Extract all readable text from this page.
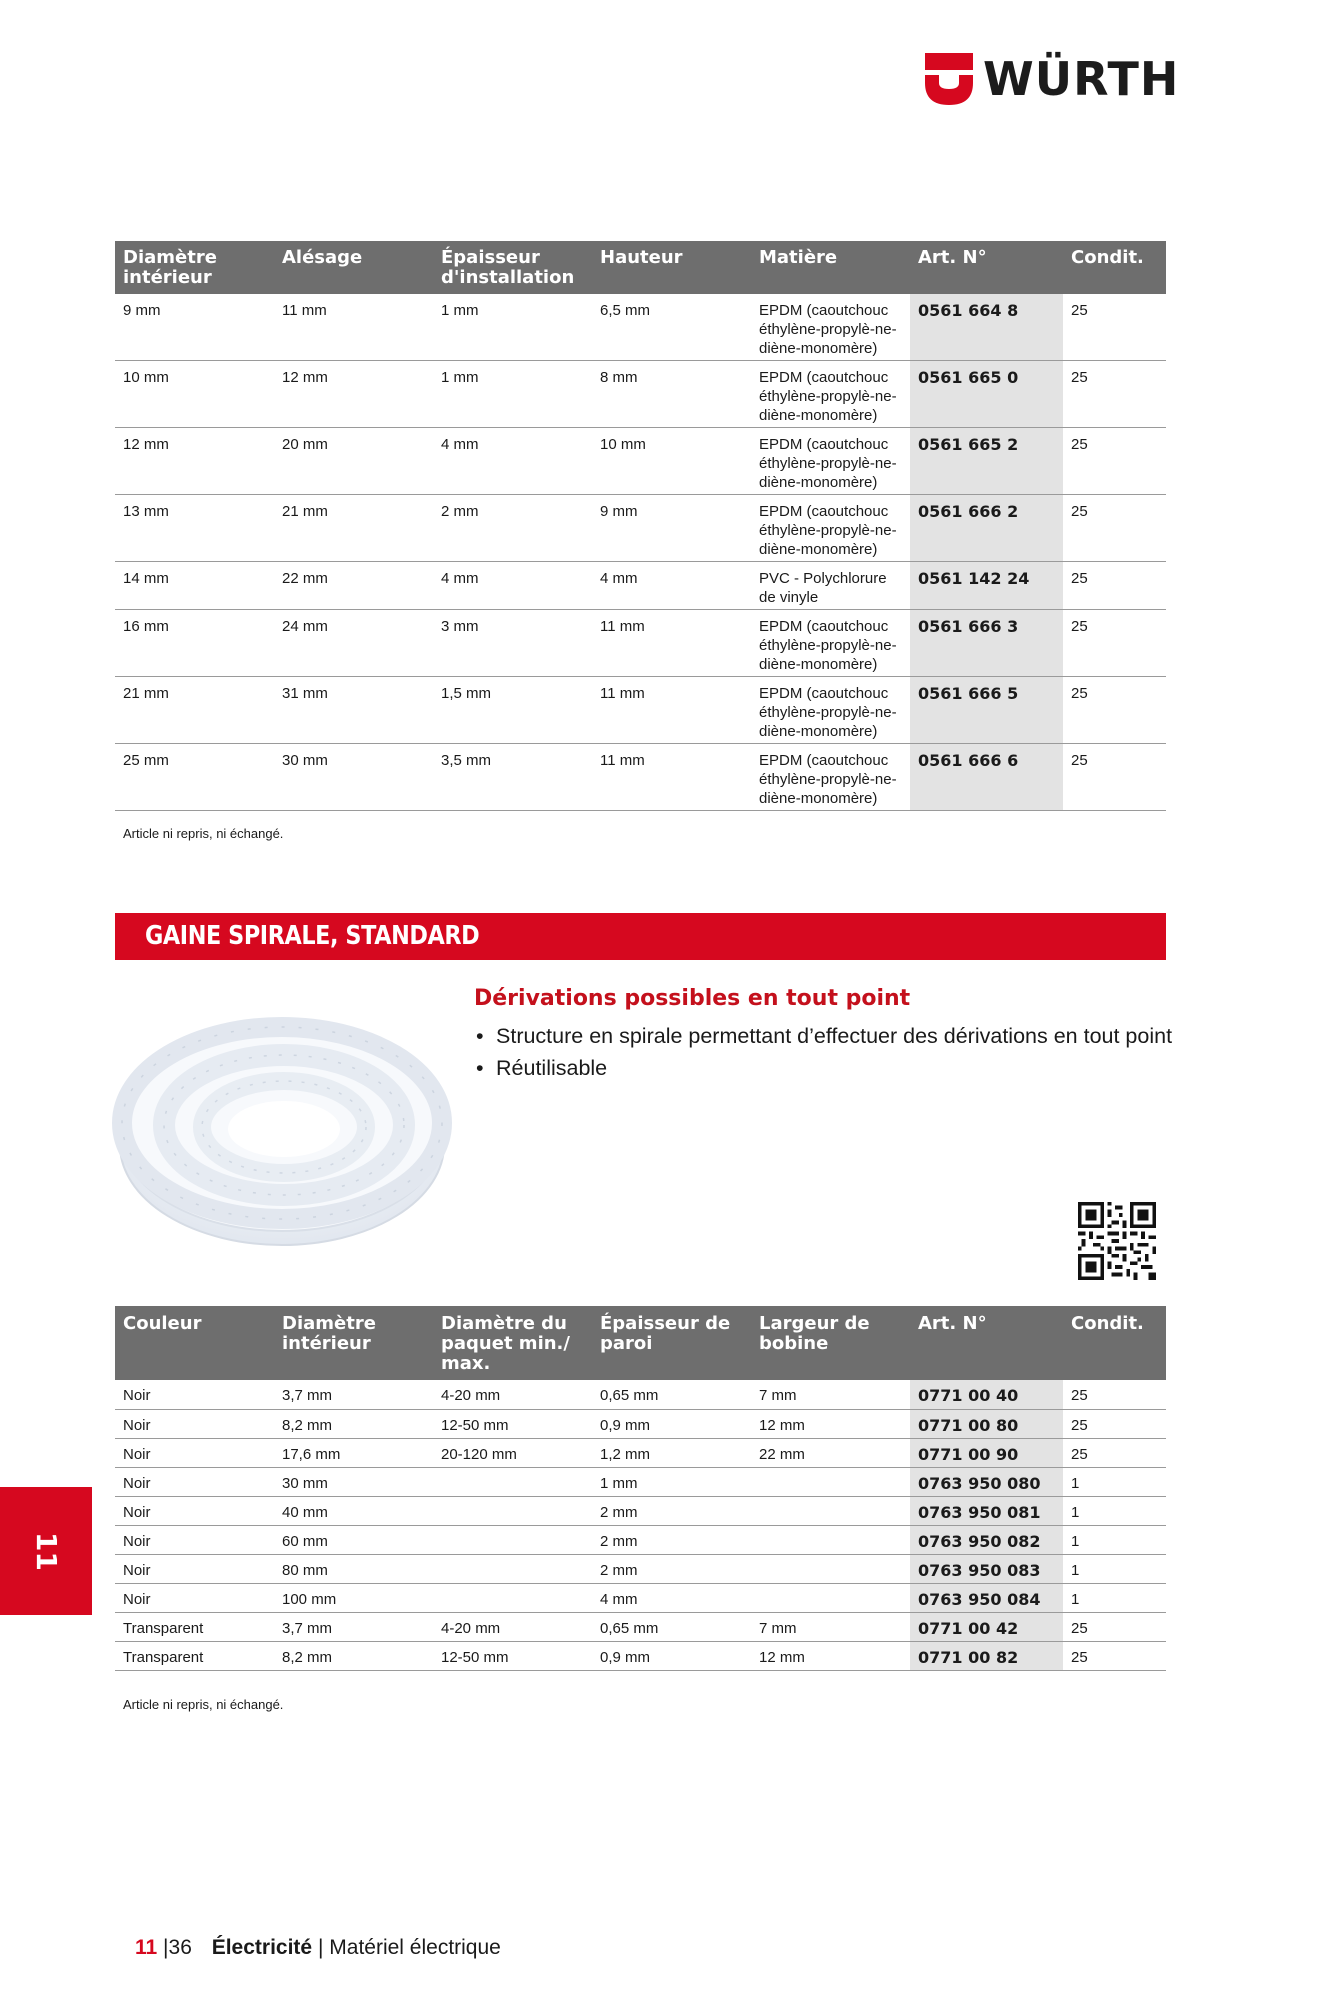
WÜRTH
Diamètre intérieur	Alésage	Épaisseur d'installation	Hauteur	Matière	Art. N°	Condit.
9 mm	11 mm	1 mm	6,5 mm	EPDM (caoutchouc éthylène-propylè-ne-diène-monomère)	0561 664 8	25
10 mm	12 mm	1 mm	8 mm	EPDM (caoutchouc éthylène-propylè-ne-diène-monomère)	0561 665 0	25
12 mm	20 mm	4 mm	10 mm	EPDM (caoutchouc éthylène-propylè-ne-diène-monomère)	0561 665 2	25
13 mm	21 mm	2 mm	9 mm	EPDM (caoutchouc éthylène-propylè-ne-diène-monomère)	0561 666 2	25
14 mm	22 mm	4 mm	4 mm	PVC - Polychlorure de vinyle	0561 142 24	25
16 mm	24 mm	3 mm	11 mm	EPDM (caoutchouc éthylène-propylè-ne-diène-monomère)	0561 666 3	25
21 mm	31 mm	1,5 mm	11 mm	EPDM (caoutchouc éthylène-propylè-ne-diène-monomère)	0561 666 5	25
25 mm	30 mm	3,5 mm	11 mm	EPDM (caoutchouc éthylène-propylè-ne-diène-monomère)	0561 666 6	25
Article ni repris, ni échangé.
GAINE SPIRALE, STANDARD
Dérivations possibles en tout point
• Structure en spirale permettant d’effectuer des dérivations en tout point
• Réutilisable
Couleur	Diamètre intérieur	Diamètre du paquet min./ max.	Épaisseur de paroi	Largeur de bobine	Art. N°	Condit.
Noir	3,7 mm	4-20 mm	0,65 mm	7 mm	0771 00 40	25
Noir	8,2 mm	12-50 mm	0,9 mm	12 mm	0771 00 80	25
Noir	17,6 mm	20-120 mm	1,2 mm	22 mm	0771 00 90	25
Noir	30 mm		1 mm		0763 950 080	1
Noir	40 mm		2 mm		0763 950 081	1
Noir	60 mm		2 mm		0763 950 082	1
Noir	80 mm		2 mm		0763 950 083	1
Noir	100 mm		4 mm		0763 950 084	1
Transparent	3,7 mm	4-20 mm	0,65 mm	7 mm	0771 00 42	25
Transparent	8,2 mm	12-50 mm	0,9 mm	12 mm	0771 00 82	25
Article ni repris, ni échangé.
11
11 |36 Électricité | Matériel électrique
